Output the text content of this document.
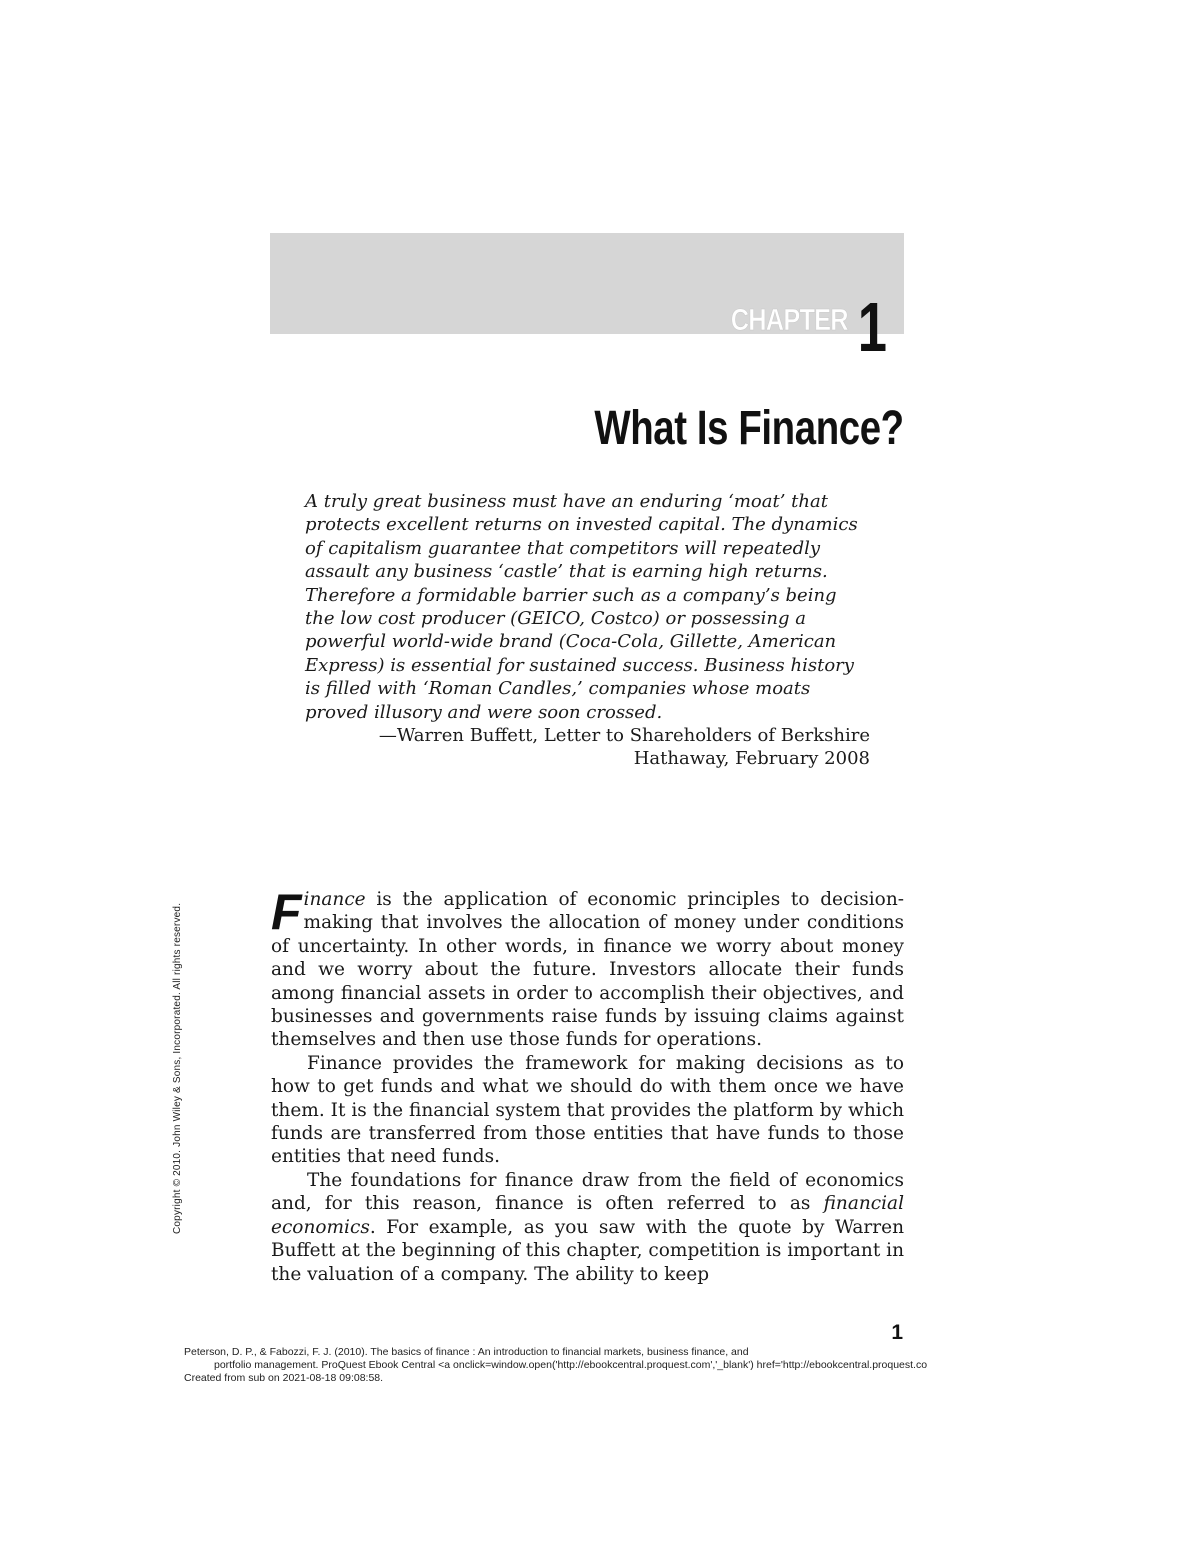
CHAPTER 1
What Is Finance?

A truly great business must have an enduring ‘moat’ that protects excellent returns on invested capital. The dynamics of capitalism guarantee that competitors will repeatedly assault any business ‘castle’ that is earning high returns. Therefore a formidable barrier such as a company’s being the low cost producer (GEICO, Costco) or possessing a powerful world-wide brand (Coca-Cola, Gillette, American Express) is essential for sustained success. Business history is filled with ‘Roman Candles,’ companies whose moats proved illusory and were soon crossed.

—Warren Buffett, Letter to Shareholders of Berkshire

Hathaway, February 2008

Copyright © 2010. John Wiley & Sons, Incorporated. All rights reserved. Finance is the application of economic principles to decision-making that involves the allocation of money under conditions of uncertainty. In other words, in finance we worry about money and we worry about the future. Investors allocate their funds among financial assets in order to accomplish their objectives, and businesses and governments raise funds by issuing claims against themselves and then use those funds for operations.

Finance provides the framework for making decisions as to how to get funds and what we should do with them once we have them. It is the financial system that provides the platform by which funds are transferred from those entities that have funds to those entities that need funds.

The foundations for finance draw from the field of economics and, for this reason, finance is often referred to as financial economics. For example, as you saw with the quote by Warren Buffett at the beginning of this chapter, competition is important in the valuation of a company. The ability to keep

1
Peterson, D. P., & Fabozzi, F. J. (2010). The basics of finance : An introduction to financial markets, business finance, and
portfolio management. ProQuest Ebook Central <a onclick=window.open('http://ebookcentral.proquest.com','_blank') href='http://ebookcentral.proquest.co
Created from sub on 2021-08-18 09:08:58.
